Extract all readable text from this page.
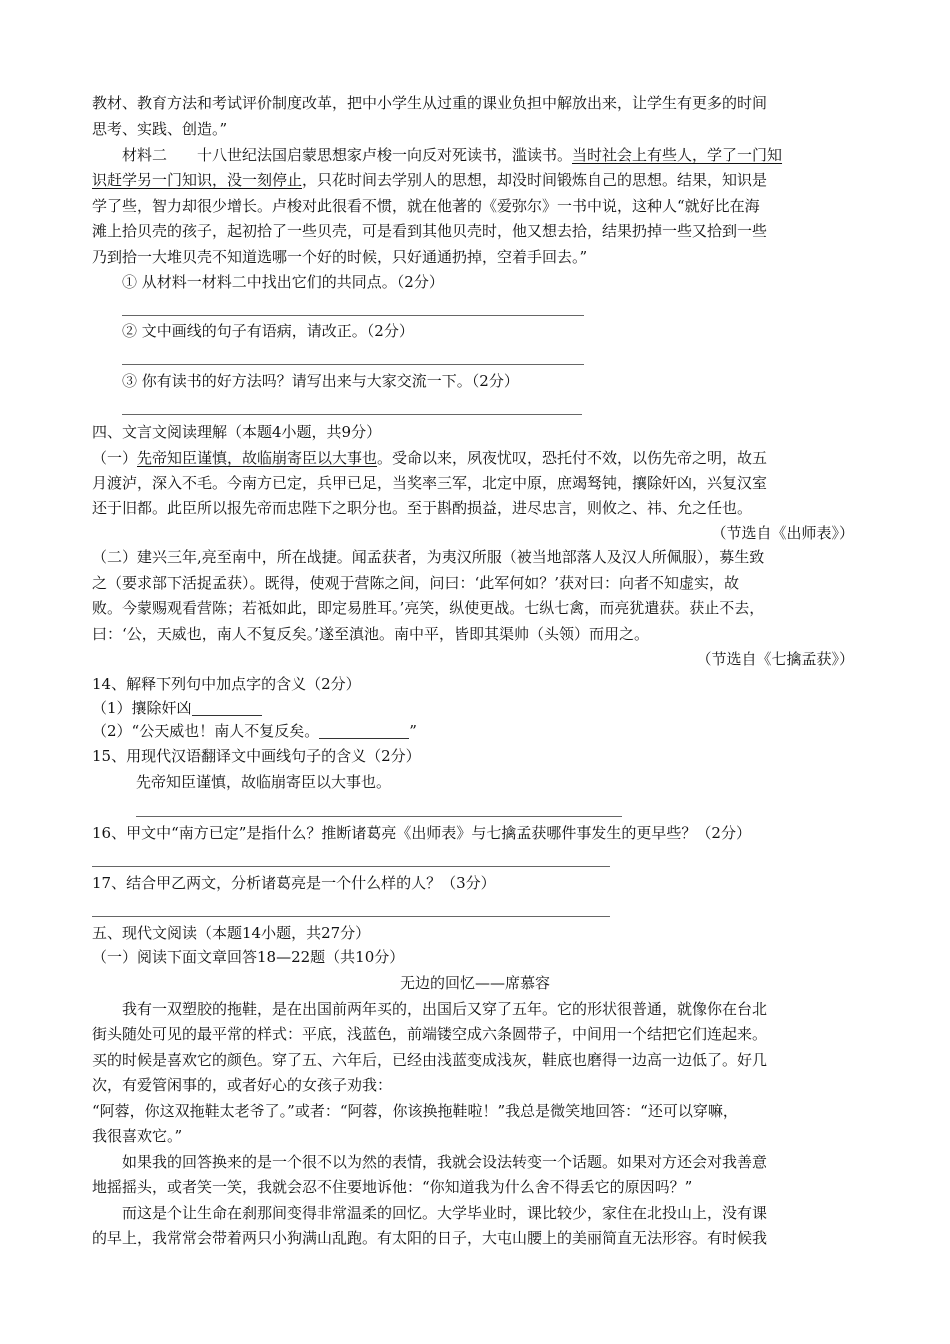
教材、教育方法和考试评价制度改革，把中小学生从过重的课业负担中解放出来，让学生有更多的时间
思考、实践、创造。”
材料二　　十八世纪法国启蒙思想家卢梭一向反对死读书，滥读书。当时社会上有些人，学了一门知
识赶学另一门知识，没一刻停止，只花时间去学别人的思想，却没时间锻炼自己的思想。结果，知识是
学了些，智力却很少增长。卢梭对此很看不惯，就在他著的《爱弥尔》一书中说，这种人“就好比在海
滩上拾贝壳的孩子，起初拾了一些贝壳，可是看到其他贝壳时，他又想去拾，结果扔掉一些又拾到一些
乃到拾一大堆贝壳不知道选哪一个好的时候，只好通通扔掉，空着手回去。”
① 从材料一材料二中找出它们的共同点。（2分）
② 文中画线的句子有语病，请改正。（2分）
③ 你有读书的好方法吗？请写出来与大家交流一下。（2分）
四、文言文阅读理解（本题4小题，共9分）
（一）先帝知臣谨慎，故临崩寄臣以大事也。受命以来，夙夜忧叹，恐托付不效，以伤先帝之明，故五
月渡泸，深入不毛。今南方已定，兵甲已足，当奖率三军，北定中原，庶竭驽钝，攘除奸凶，兴复汉室
还于旧都。此臣所以报先帝而忠陛下之职分也。至于斟酌损益，进尽忠言，则攸之、祎、允之任也。
（节选自《出师表》）
（二）建兴三年,亮至南中，所在战捷。闻孟获者，为夷汉所服（被当地部落人及汉人所佩服），募生致
之（要求部下活捉孟获）。既得，使观于营陈之间，问曰：‘此军何如？’获对曰：向者不知虚实，故
败。今蒙赐观看营陈；若祗如此，即定易胜耳。’亮笑，纵使更战。七纵七禽，而亮犹遣获。获止不去，
曰：‘公，天威也，南人不复反矣。’遂至滇池。南中平，皆即其渠帅（头领）而用之。
（节选自《七擒孟获》）
14、解释下列句中加点字的含义（2分）
（1）攘除奸凶
（2）“公天威也！南人不复反矣。	”
15、用现代汉语翻译文中画线句子的含义（2分）
先帝知臣谨慎，故临崩寄臣以大事也。
16、甲文中“南方已定”是指什么？推断诸葛亮《出师表》与七擒孟获哪件事发生的更早些？（2分）
17、结合甲乙两文，分析诸葛亮是一个什么样的人？（3分）
五、现代文阅读（本题14小题，共27分）
（一）阅读下面文章回答18—22题（共10分）
无边的回忆——席慕容
我有一双塑胶的拖鞋，是在出国前两年买的，出国后又穿了五年。它的形状很普通，就像你在台北
街头随处可见的最平常的样式：平底，浅蓝色，前端镂空成六条圆带子，中间用一个结把它们连起来。
买的时候是喜欢它的颜色。穿了五、六年后，已经由浅蓝变成浅灰，鞋底也磨得一边高一边低了。好几
次，有爱管闲事的，或者好心的女孩子劝我：
“阿蓉，你这双拖鞋太老爷了。”或者：“阿蓉，你该换拖鞋啦！”我总是微笑地回答：“还可以穿嘛，
我很喜欢它。”
如果我的回答换来的是一个很不以为然的表情，我就会设法转变一个话题。如果对方还会对我善意
地摇摇头，或者笑一笑，我就会忍不住要地诉他：“你知道我为什么舍不得丢它的原因吗？”
而这是个让生命在刹那间变得非常温柔的回忆。大学毕业时，课比较少，家住在北投山上，没有课
的早上，我常常会带着两只小狗满山乱跑。有太阳的日子，大屯山腰上的美丽简直无法形容。有时候我
